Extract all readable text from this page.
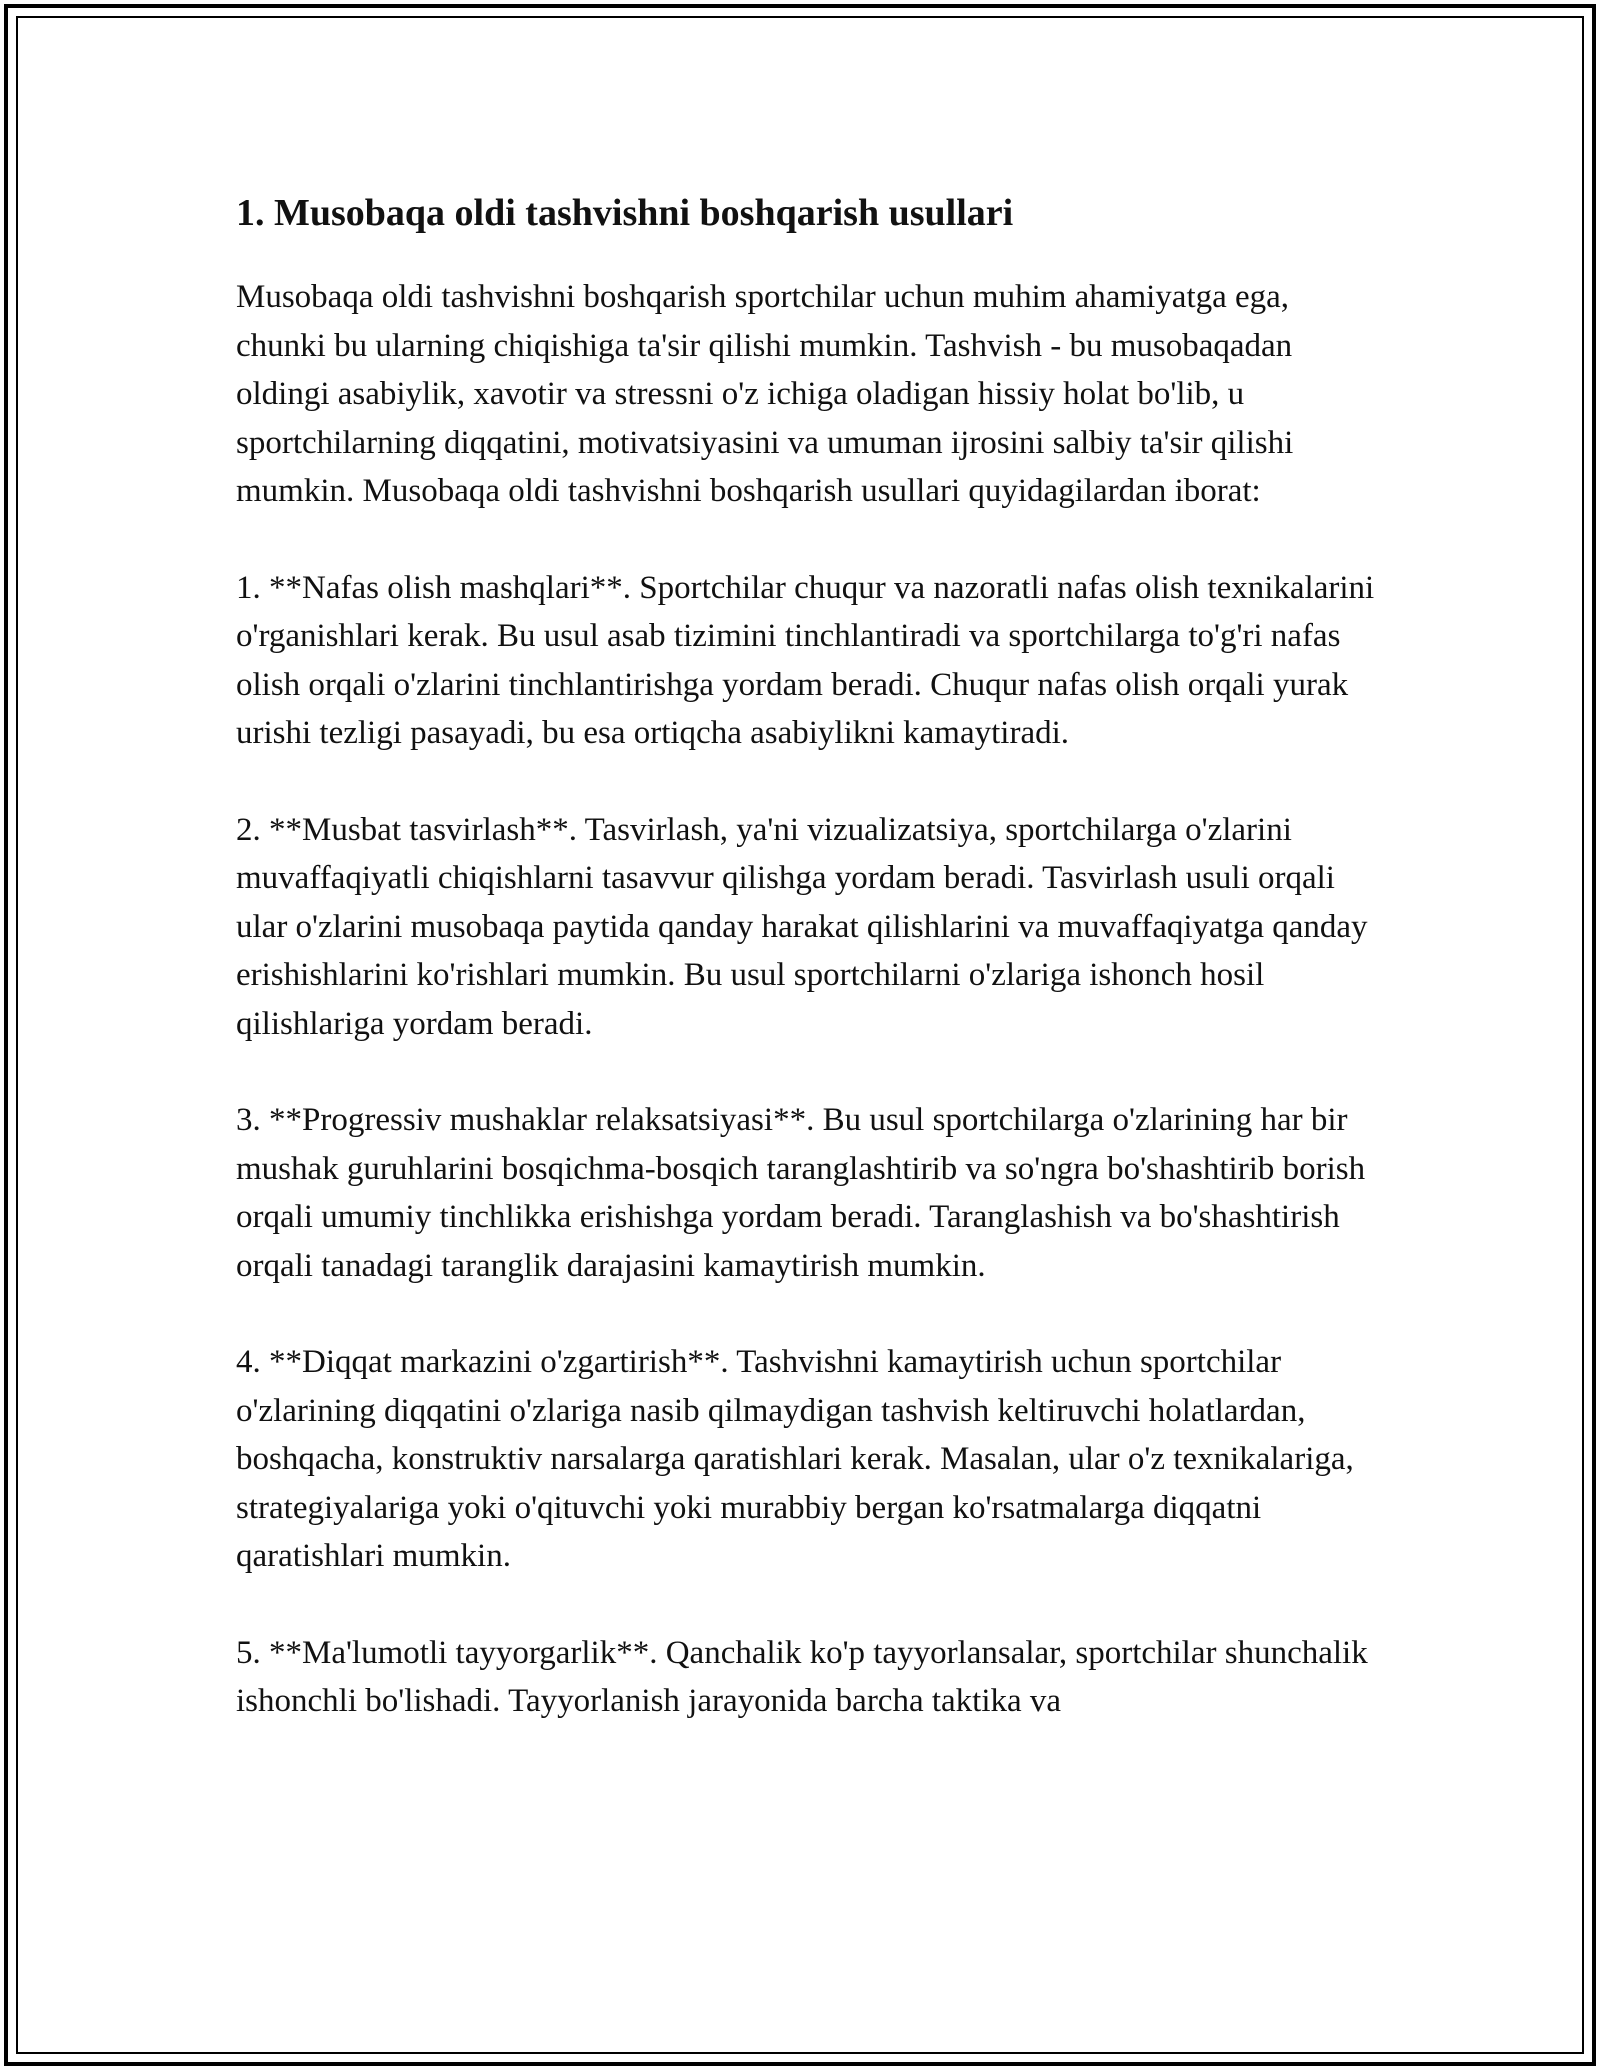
1. Musobaqa oldi tashvishni boshqarish usullari

Musobaqa oldi tashvishni boshqarish sportchilar uchun muhim ahamiyatga ega, chunki bu ularning chiqishiga ta'sir qilishi mumkin. Tashvish - bu musobaqadan oldingi asabiylik, xavotir va stressni o'z ichiga oladigan hissiy holat bo'lib, u sportchilarning diqqatini, motivatsiyasini va umuman ijrosini salbiy ta'sir qilishi mumkin. Musobaqa oldi tashvishni boshqarish usullari quyidagilardan iborat:

1. **Nafas olish mashqlari**. Sportchilar chuqur va nazoratli nafas olish texnikalarini o'rganishlari kerak. Bu usul asab tizimini tinchlantiradi va sportchilarga to'g'ri nafas olish orqali o'zlarini tinchlantirishga yordam beradi. Chuqur nafas olish orqali yurak urishi tezligi pasayadi, bu esa ortiqcha asabiylikni kamaytiradi.

2. **Musbat tasvirlash**. Tasvirlash, ya'ni vizualizatsiya, sportchilarga o'zlarini muvaffaqiyatli chiqishlarni tasavvur qilishga yordam beradi. Tasvirlash usuli orqali ular o'zlarini musobaqa paytida qanday harakat qilishlarini va muvaffaqiyatga qanday erishishlarini ko'rishlari mumkin. Bu usul sportchilarni o'zlariga ishonch hosil qilishlariga yordam beradi.

3. **Progressiv mushaklar relaksatsiyasi**. Bu usul sportchilarga o'zlarining har bir mushak guruhlarini bosqichma-bosqich taranglashtirib va so'ngra bo'shashtirib borish orqali umumiy tinchlikka erishishga yordam beradi. Taranglashish va bo'shashtirish orqali tanadagi taranglik darajasini kamaytirish mumkin.

4. **Diqqat markazini o'zgartirish**. Tashvishni kamaytirish uchun sportchilar o'zlarining diqqatini o'zlariga nasib qilmaydigan tashvish keltiruvchi holatlardan, boshqacha, konstruktiv narsalarga qaratishlari kerak. Masalan, ular o'z texnikalariga, strategiyalariga yoki o'qituvchi yoki murabbiy bergan ko'rsatmalarga diqqatni qaratishlari mumkin.

5. **Ma'lumotli tayyorgarlik**. Qanchalik ko'p tayyorlansalar, sportchilar shunchalik ishonchli bo'lishadi. Tayyorlanish jarayonida barcha taktika va
